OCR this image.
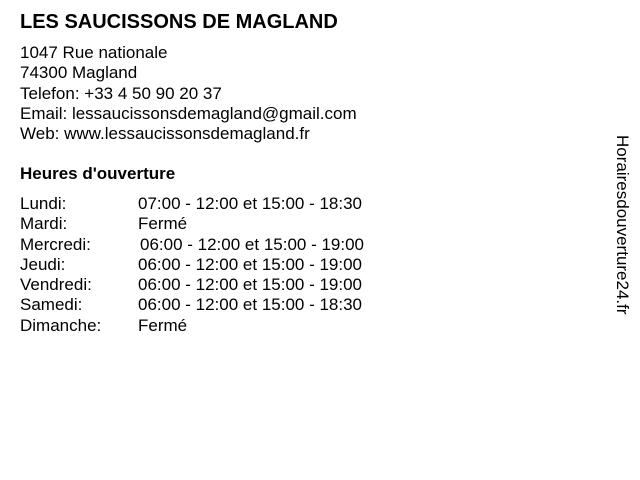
LES SAUCISSONS DE MAGLAND
1047 Rue nationale
74300 Magland
Telefon: +33 4 50 90 20 37
Email: lessaucissonsdemagland@gmail.com
Web: www.lessaucissonsdemagland.fr
Heures d'ouverture
Lundi:	07:00 - 12:00 et 15:00 - 18:30
Mardi:	Fermé
Mercredi:	06:00 - 12:00 et 15:00 - 19:00
Jeudi:	06:00 - 12:00 et 15:00 - 19:00
Vendredi:	06:00 - 12:00 et 15:00 - 19:00
Samedi:	06:00 - 12:00 et 15:00 - 18:30
Dimanche: Fermé
Horairesdouverture24.fr
